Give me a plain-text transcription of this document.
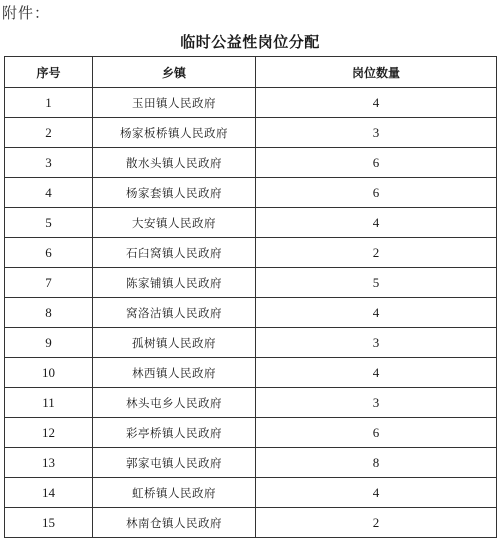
附件：
临时公益性岗位分配
序号	乡镇	岗位数量
1	玉田镇人民政府	4
2	杨家板桥镇人民政府	3
3	散水头镇人民政府	6
4	杨家套镇人民政府	6
5	大安镇人民政府	4
6	石臼窝镇人民政府	2
7	陈家铺镇人民政府	5
8	窝洛沽镇人民政府	4
9	孤树镇人民政府	3
10	林西镇人民政府	4
11	林头屯乡人民政府	3
12	彩亭桥镇人民政府	6
13	郭家屯镇人民政府	8
14	虹桥镇人民政府	4
15	林南仓镇人民政府	2
